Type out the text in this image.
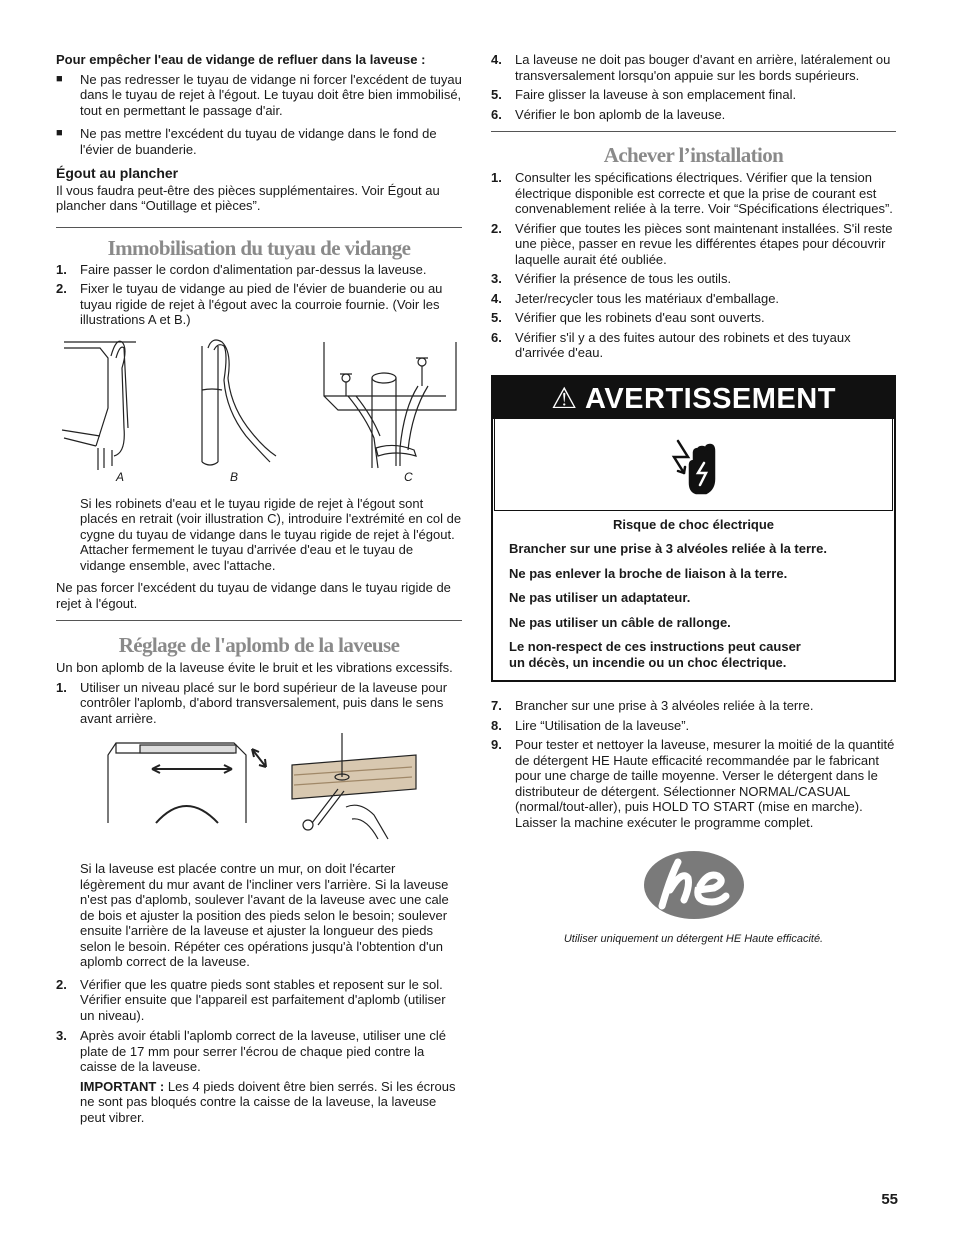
Pour empêcher l'eau de vidange de refluer dans la laveuse :

■	Ne pas redresser le tuyau de vidange ni forcer l'excédent de tuyau dans le tuyau de rejet à l'égout. Le tuyau doit être bien immobilisé, tout en permettant le passage d'air.
■	Ne pas mettre l'excédent du tuyau de vidange dans le fond de l'évier de buanderie.

Égout au plancher

Il vous faudra peut-être des pièces supplémentaires. Voir Égout au plancher dans “Outillage et pièces”.

Immobilisation du tuyau de vidange
1.	Faire passer le cordon d'alimentation par-dessus la laveuse.
2.	Fixer le tuyau de vidange au pied de l'évier de buanderie ou au tuyau rigide de rejet à l'égout avec la courroie fournie. (Voir les illustrations A et B.)
A	B	C

Si les robinets d'eau et le tuyau rigide de rejet à l'égout sont placés en retrait (voir illustration C), introduire l'extrémité en col de cygne du tuyau de vidange dans le tuyau rigide de rejet à l'égout. Attacher fermement le tuyau d'arrivée d'eau et le tuyau de vidange ensemble, avec l'attache.

Ne pas forcer l'excédent du tuyau de vidange dans le tuyau rigide de rejet à l'égout.

Réglage de l'aplomb de la laveuse

Un bon aplomb de la laveuse évite le bruit et les vibrations excessifs.

1.	Utiliser un niveau placé sur le bord supérieur de la laveuse pour contrôler l'aplomb, d'abord transversalement, puis dans le sens avant arrière.

Si la laveuse est placée contre un mur, on doit l'écarter légèrement du mur avant de l'incliner vers l'arrière. Si la laveuse n'est pas d'aplomb, soulever l'avant de la laveuse avec une cale de bois et ajuster la position des pieds selon le besoin; soulever ensuite l'arrière de la laveuse et ajuster la longueur des pieds selon le besoin. Répéter ces opérations jusqu'à l'obtention d'un aplomb correct de la laveuse.

2.	Vérifier que les quatre pieds sont stables et reposent sur le sol. Vérifier ensuite que l'appareil est parfaitement d'aplomb (utiliser un niveau).
3.	Après avoir établi l'aplomb correct de la laveuse, utiliser une clé plate de 17 mm pour serrer l'écrou de chaque pied contre la caisse de la laveuse.

IMPORTANT : Les 4 pieds doivent être bien serrés. Si les écrous ne sont pas bloqués contre la caisse de la laveuse, la laveuse peut vibrer.

4.	La laveuse ne doit pas bouger d'avant en arrière, latéralement ou transversalement lorsqu'on appuie sur les bords supérieurs.
5.	Faire glisser la laveuse à son emplacement final.
6.	Vérifier le bon aplomb de la laveuse.
Achever l’installation
1.	Consulter les spécifications électriques. Vérifier que la tension électrique disponible est correcte et que la prise de courant est convenablement reliée à la terre. Voir “Spécifications électriques”.
2.	Vérifier que toutes les pièces sont maintenant installées. S'il reste une pièce, passer en revue les différentes étapes pour découvrir laquelle aurait été oubliée.
3.	Vérifier la présence de tous les outils.
4.	Jeter/recycler tous les matériaux d'emballage.
5.	Vérifier que les robinets d'eau sont ouverts.
6.	Vérifier s'il y a des fuites autour des robinets et des tuyaux d'arrivée d'eau.
⚠ AVERTISSEMENT

Risque de choc électrique

Brancher sur une prise à 3 alvéoles reliée à la terre.

Ne pas enlever la broche de liaison à la terre.

Ne pas utiliser un adaptateur.

Ne pas utiliser un câble de rallonge.

Le non-respect de ces instructions peut causer
un décès, un incendie ou un choc électrique.

7.	Brancher sur une prise à 3 alvéoles reliée à la terre.
8.	Lire “Utilisation de la laveuse”.
9.	Pour tester et nettoyer la laveuse, mesurer la moitié de la quantité de détergent HE Haute efficacité recommandée par le fabricant pour une charge de taille moyenne. Verser le détergent dans le distributeur de détergent. Sélectionner NORMAL/CASUAL (normal/tout-aller), puis HOLD TO START (mise en marche). Laisser la machine exécuter le programme complet.

Utiliser uniquement un détergent HE Haute efficacité.

55
